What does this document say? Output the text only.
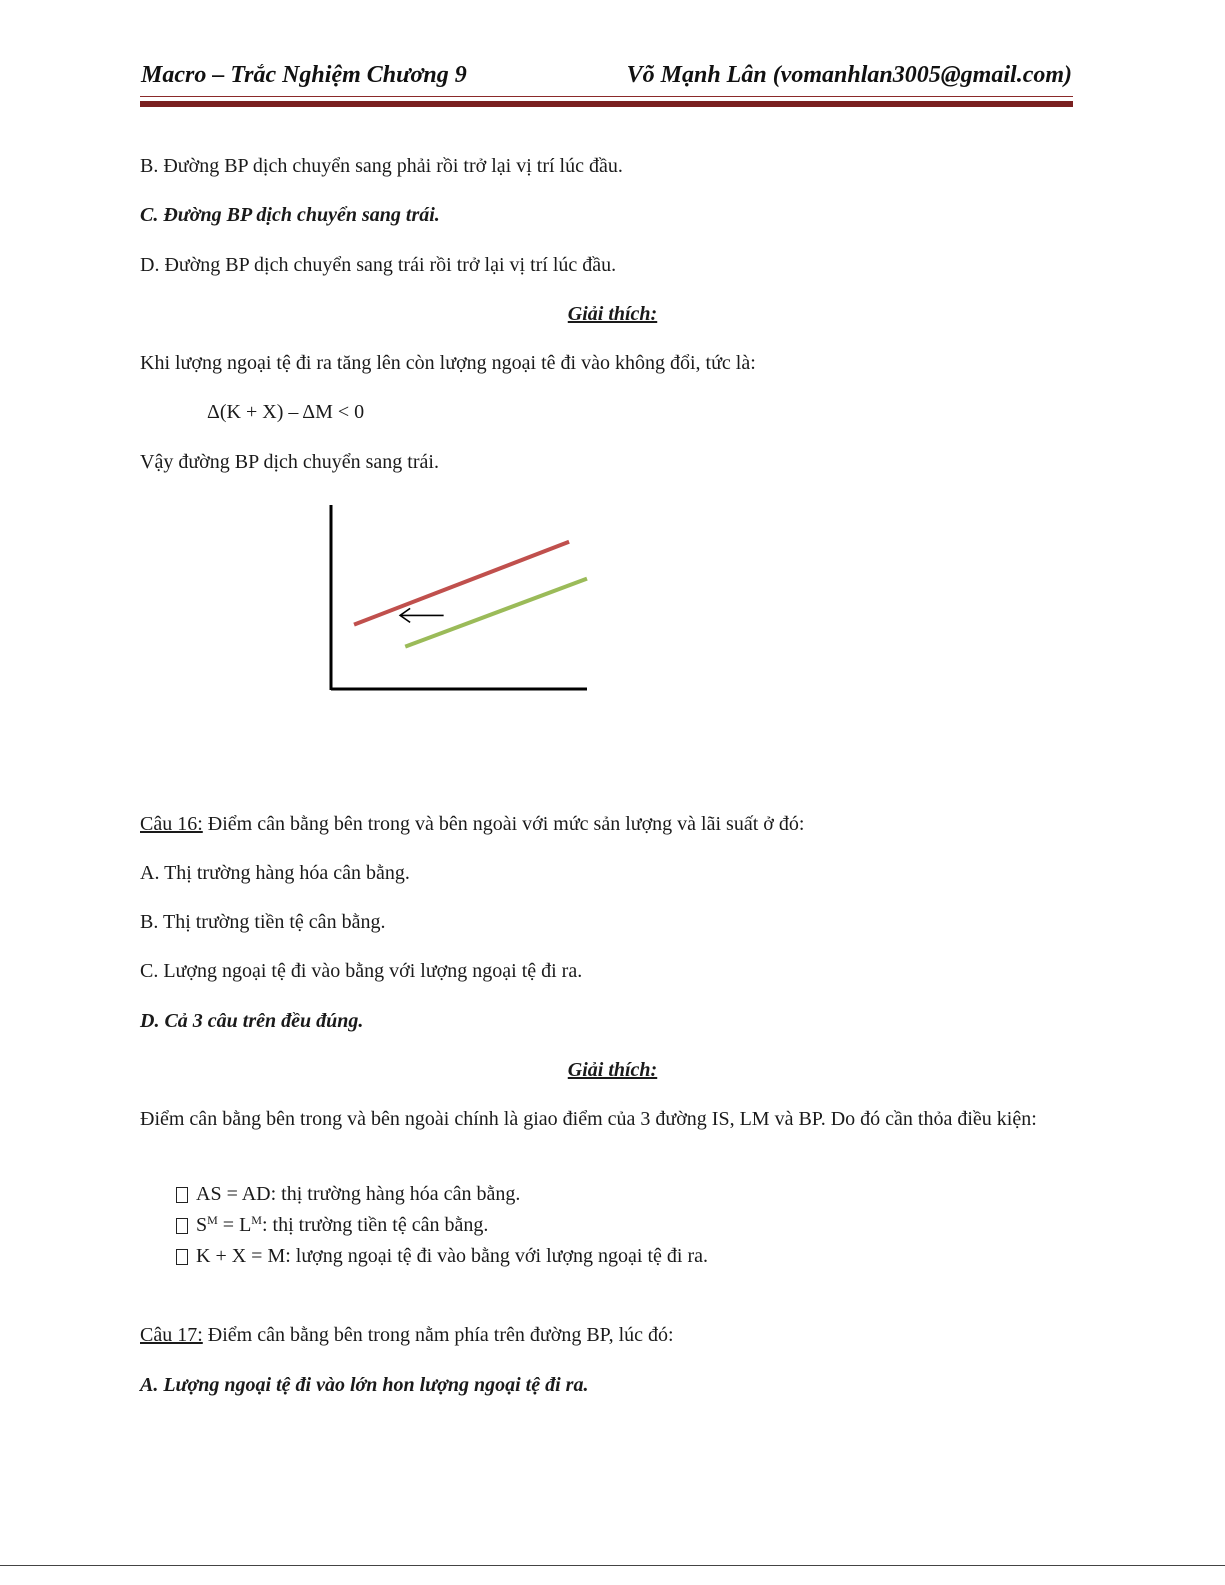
Macro – Trắc Nghiệm Chương 9	Võ Mạnh Lân (vomanhlan3005@gmail.com)
B. Đường BP dịch chuyển sang phải rồi trở lại vị trí lúc đầu.
C. Đường BP dịch chuyển sang trái.
D. Đường BP dịch chuyển sang trái rồi trở lại vị trí lúc đầu.
Giải thích:
Khi lượng ngoại tệ đi ra tăng lên còn lượng ngoại tê đi vào không đổi, tức là:
Δ(K + X) – ΔM < 0
Vậy đường BP dịch chuyển sang trái.
Câu 16: Điểm cân bằng bên trong và bên ngoài với mức sản lượng và lãi suất ở đó:
A. Thị trường hàng hóa cân bằng.
B. Thị trường tiền tệ cân bằng.
C. Lượng ngoại tệ đi vào bằng với lượng ngoại tệ đi ra.
D. Cả 3 câu trên đều đúng.
Giải thích:
Điểm cân bằng bên trong và bên ngoài chính là giao điểm của 3 đường IS, LM và BP. Do đó cần thỏa điều kiện:
AS = AD: thị trường hàng hóa cân bằng.
$S^M = L^M$: thị trường tiền tệ cân bằng.
K + X = M: lượng ngoại tệ đi vào bằng với lượng ngoại tệ đi ra.
Câu 17: Điểm cân bằng bên trong nằm phía trên đường BP, lúc đó:
A. Lượng ngoại tệ đi vào lớn hon lượng ngoại tệ đi ra.
